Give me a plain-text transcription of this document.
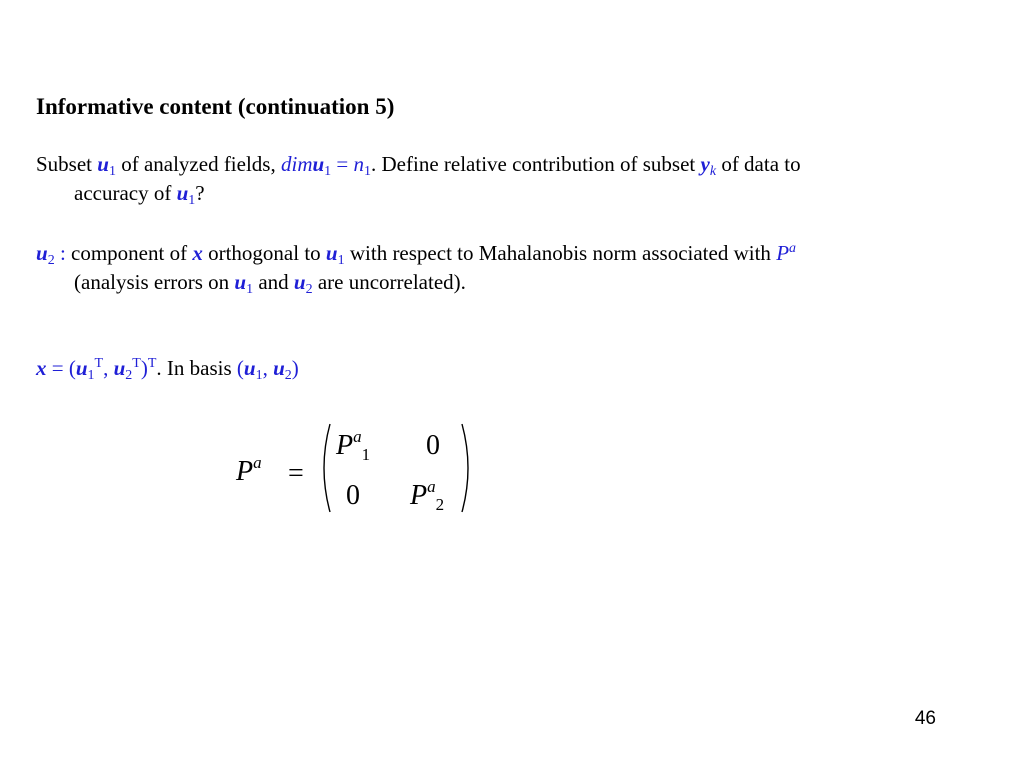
Informative content (continuation 5)
Subset $u_1$ of analyzed fields, dimu$_1$ = $n_1$. Define relative contribution of subset $y_k$ of data to
accuracy of $u_1$?
$u_2$ : component of x orthogonal to $u_1$ with respect to Mahalanobis norm associated with $P^a$
(analysis errors on $u_1$ and $u_2$ are uncorrelated).
$x = (u_1^T$, $u_2^T)^T$. In basis ($u_1$, $u_2$)
$P^a$ =
$P^a_1$ 0
0 $P^a_2$
46
